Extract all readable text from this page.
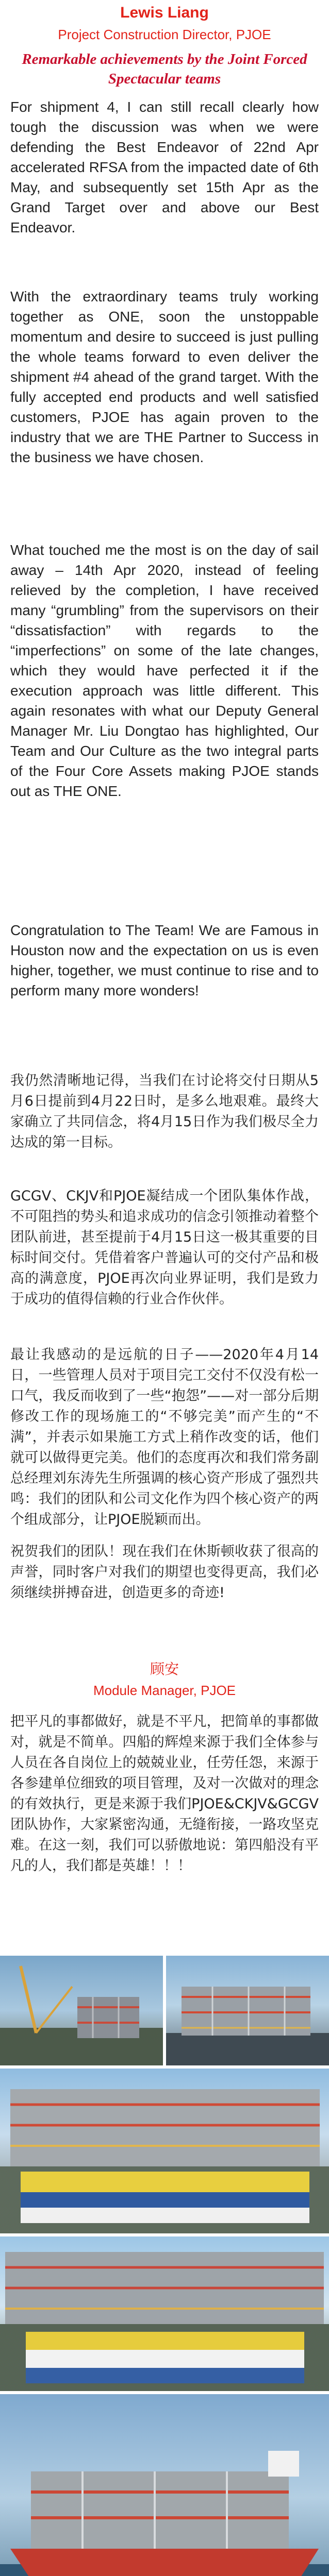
Lewis Liang
Project Construction Director, PJOE
Remarkable achievements by the Joint Forced Spectacular teams

For shipment 4, I can still recall clearly how tough the discussion was when we were defending the Best Endeavor of 22nd Apr accelerated RFSA from the impacted date of 6th May, and subsequently set 15th Apr as the Grand Target over and above our Best Endeavor.

With the extraordinary teams truly working together as ONE, soon the unstoppable momentum and desire to succeed is just pulling the whole teams forward to even deliver the shipment #4 ahead of the grand target. With the fully accepted end products and well satisfied customers, PJOE has again proven to the industry that we are THE Partner to Success in the business we have chosen.

What touched me the most is on the day of sail away – 14th Apr 2020, instead of feeling relieved by the completion, I have received many “grumbling” from the supervisors on their “dissatisfaction” with regards to the “imperfections” on some of the late changes, which they would have perfected it if the execution approach was little different. This again resonates with what our Deputy General Manager Mr. Liu Dongtao has highlighted, Our Team and Our Culture as the two integral parts of the Four Core Assets making PJOE stands out as THE ONE.

Congratulation to The Team! We are Famous in Houston now and the expectation on us is even higher, together, we must continue to rise and to perform many more wonders!

我仍然清晰地记得，当我们在讨论将交付日期从5月6日提前到4月22日时，是多么地艰难。最终大家确立了共同信念，将4月15日作为我们极尽全力达成的第一目标。

GCGV、CKJV和PJOE凝结成一个团队集体作战，不可阻挡的势头和追求成功的信念引领推动着整个团队前进，甚至提前于4月15日这一极其重要的目标时间交付。凭借着客户普遍认可的交付产品和极高的满意度，PJOE再次向业界证明，我们是致力于成功的值得信赖的行业合作伙伴。

最让我感动的是远航的日子——2020年4月14日，一些管理人员对于项目完工交付不仅没有松一口气，我反而收到了一些“抱怨”——对一部分后期修改工作的现场施工的“不够完美”而产生的“不满”，并表示如果施工方式上稍作改变的话，他们就可以做得更完美。他们的态度再次和我们常务副总经理刘东涛先生所强调的核心资产形成了强烈共鸣：我们的团队和公司文化作为四个核心资产的两个组成部分，让PJOE脱颖而出。

祝贺我们的团队！现在我们在休斯顿收获了很高的声誉，同时客户对我们的期望也变得更高，我们必须继续拼搏奋进，创造更多的奇迹!

顾安
Module Manager, PJOE

把平凡的事都做好，就是不平凡，把简单的事都做对，就是不简单。四船的辉煌来源于我们全体参与人员在各自岗位上的兢兢业业，任劳任怨，来源于各参建单位细致的项目管理，及对一次做对的理念的有效执行，更是来源于我们PJOE&CKJV&GCGV团队协作，大家紧密沟通，无缝衔接，一路攻坚克难。在这一刻，我们可以骄傲地说：第四船没有平凡的人，我们都是英雄！！！
